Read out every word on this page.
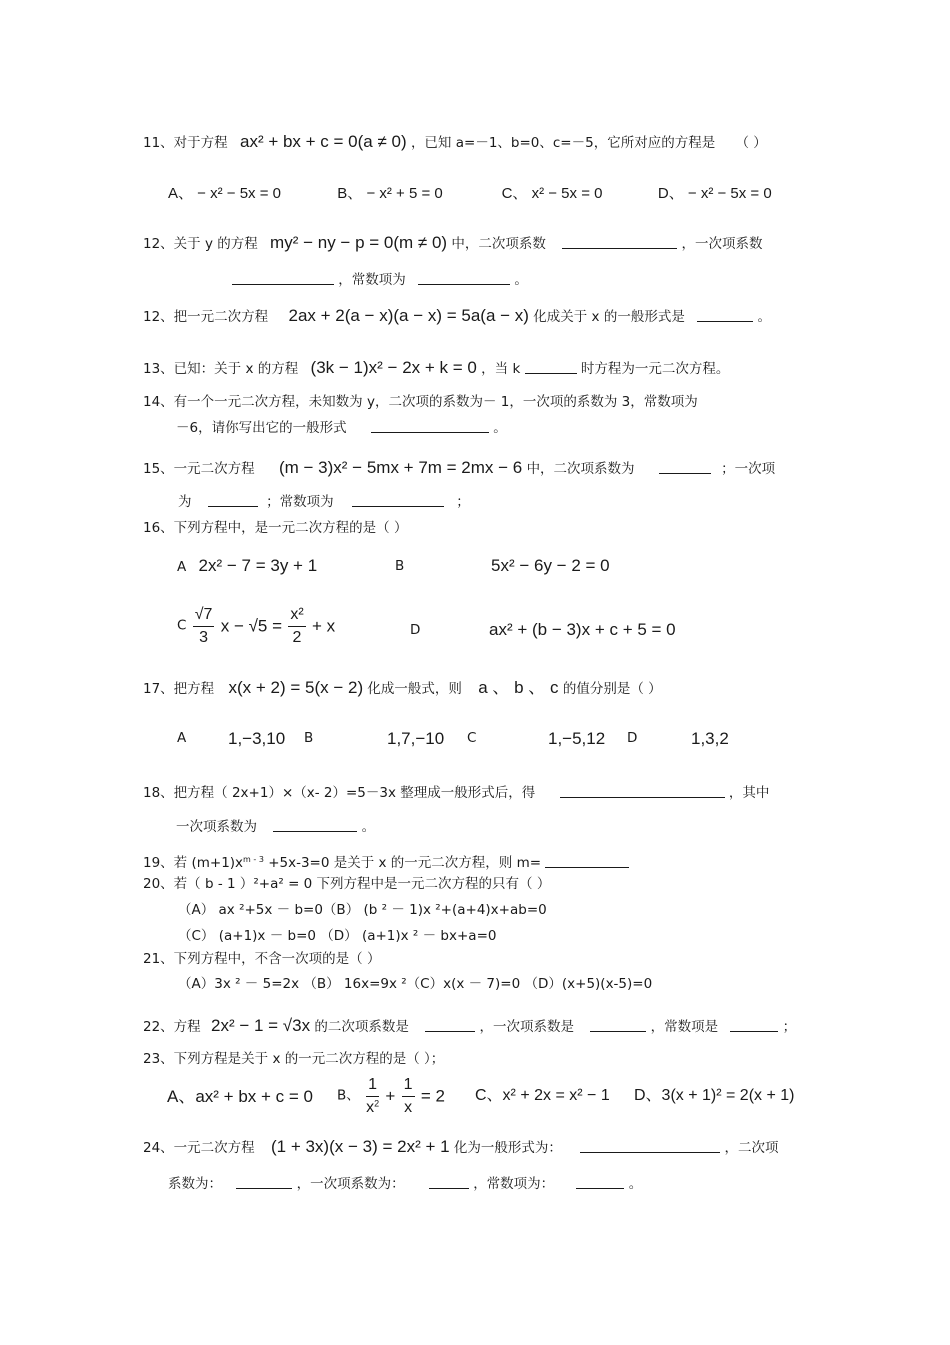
11、对于方程 ax² + bx + c = 0(a ≠ 0) ，已知 a=－1、b=0、c=－5，它所对应的方程是 （ ）
A、 − x² − 5x = 0	B、 − x² + 5 = 0	C、 x² − 5x = 0	D、 − x² − 5x = 0
12、关于 y 的方程 my² − ny − p = 0(m ≠ 0) 中，二次项系数	，一次项系数
，常数项为	。
12、把一元二次方程 2ax + 2(a − x)(a − x) = 5a(a − x) 化成关于 x 的一般形式是	。
13、已知：关于 x 的方程 (3k − 1)x² − 2x + k = 0 ，当 k	时方程为一元二次方程。
14、有一个一元二次方程，未知数为 y，二次项的系数为－ 1，一次项的系数为 3，常数项为
－6，请你写出它的一般形式	。
15、一元二次方程 (m − 3)x² − 5mx + 7m = 2mx − 6 中，二次项系数为	；一次项
为	；常数项为	；
16、下列方程中，是一元二次方程的是（ ）
A 2x² − 7 = 3y + 1	B	5x² − 6y − 2 = 0
C $\frac{√7}{3}$ $x - √5 = \frac{\text{x²}}{2} + x$	D	ax² + (b − 3)x + c + 5 = 0
17、把方程 x(x + 2) = 5(x − 2) 化成一般式，则 a 、 b 、 c 的值分别是（ ）
A 1,−3,10 B	1,7,−10 C	1,−5,12 D	1,3,2
18、把方程（ 2x+1）×（x- 2）=5－3x 整理成一般形式后，得	，其中
一次项系数为	。
19、若 $(m+1)x^{m - 3} +5x-3=0$ 是关于 x 的一元二次方程，则 m=
20、若（ b - 1 ）²+a² = 0 下列方程中是一元二次方程的只有（ ）
（A） ax ²+5x － b=0（B） (b ² － 1)x ²+(a+4)x+ab=0
（C） (a+1)x － b=0 （D） (a+1)x ² － bx+a=0
21、下列方程中，不含一次项的是（ ）
（A）3x ² － 5=2x （B） 16x=9x ²（C）x(x － 7)=0 （D）(x+5)(x-5)=0
22、方程 2x² − 1 = √3x 的二次项系数是	，一次项系数是	，常数项是	；
23、下列方程是关于 x 的一元二次方程的是（ ）；
A、ax² + bx + c = 0 B、 $\frac{1}{x^2} + \frac{1}{x} = 2$ C、x² + 2x = x² − 1 D、3(x + 1)² = 2(x + 1)
24、一元二次方程 (1 + 3x)(x − 3) = 2x² + 1 化为一般形式为：	，二次项
系数为：	，一次项系数为：	，常数项为：	。
